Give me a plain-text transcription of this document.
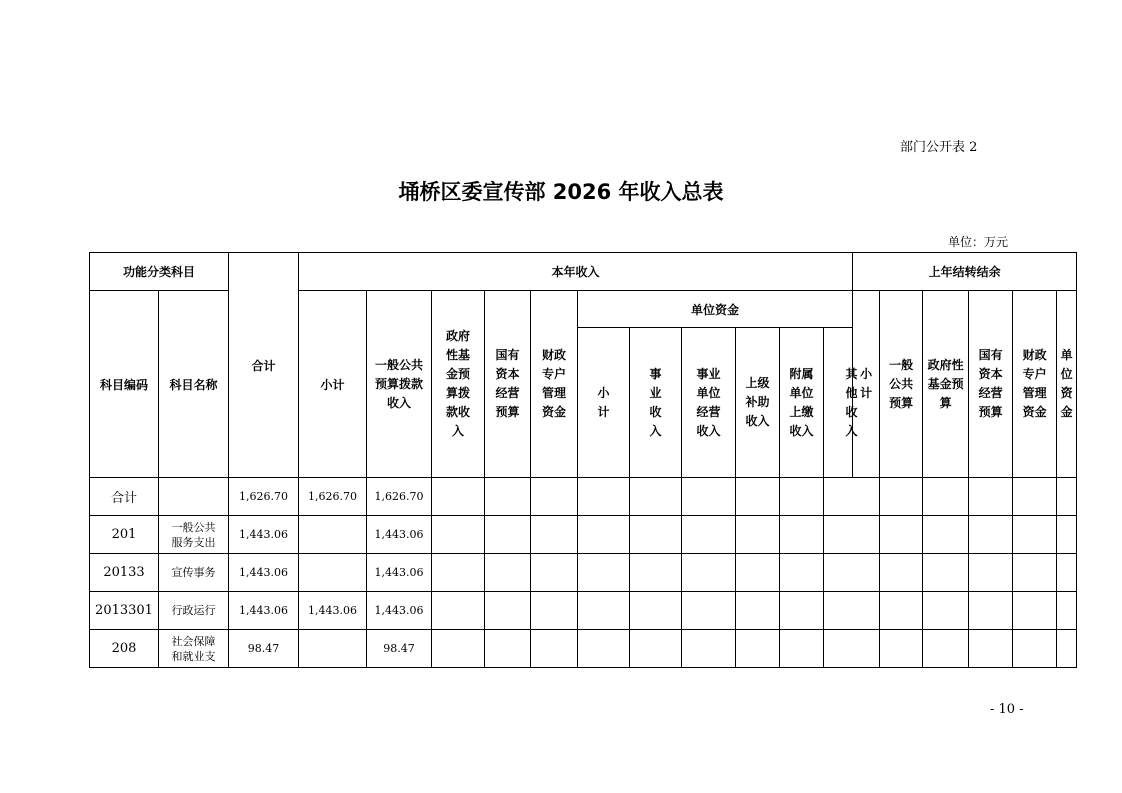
部门公开表 2
埇桥区委宣传部 2026 年收入总表
单位：万元
功能分类科目		合计	本年收入											上年结转结余					
科目编码	科目名称		小计	一般公共预算拨款收入	政府性基金预算拨款收入	国有资本经营预算	财政专户管理资金	单位资金						小计	一般公共预算	政府性基金预算	国有资本经营预算	财政专户管理资金	单位资金
								小计	事业收入	事业单位经营收入	上级补助收入	附属单位上缴收入	其他收入						
合计		1,626.70	1,626.70	1,626.70															
201	一般公共服务支出	1,443.06		1,443.06															
20133	宣传事务	1,443.06		1,443.06															
2013301	行政运行	1,443.06	1,443.06	1,443.06															
208	社会保障和就业支	98.47		98.47															
- 10 -
